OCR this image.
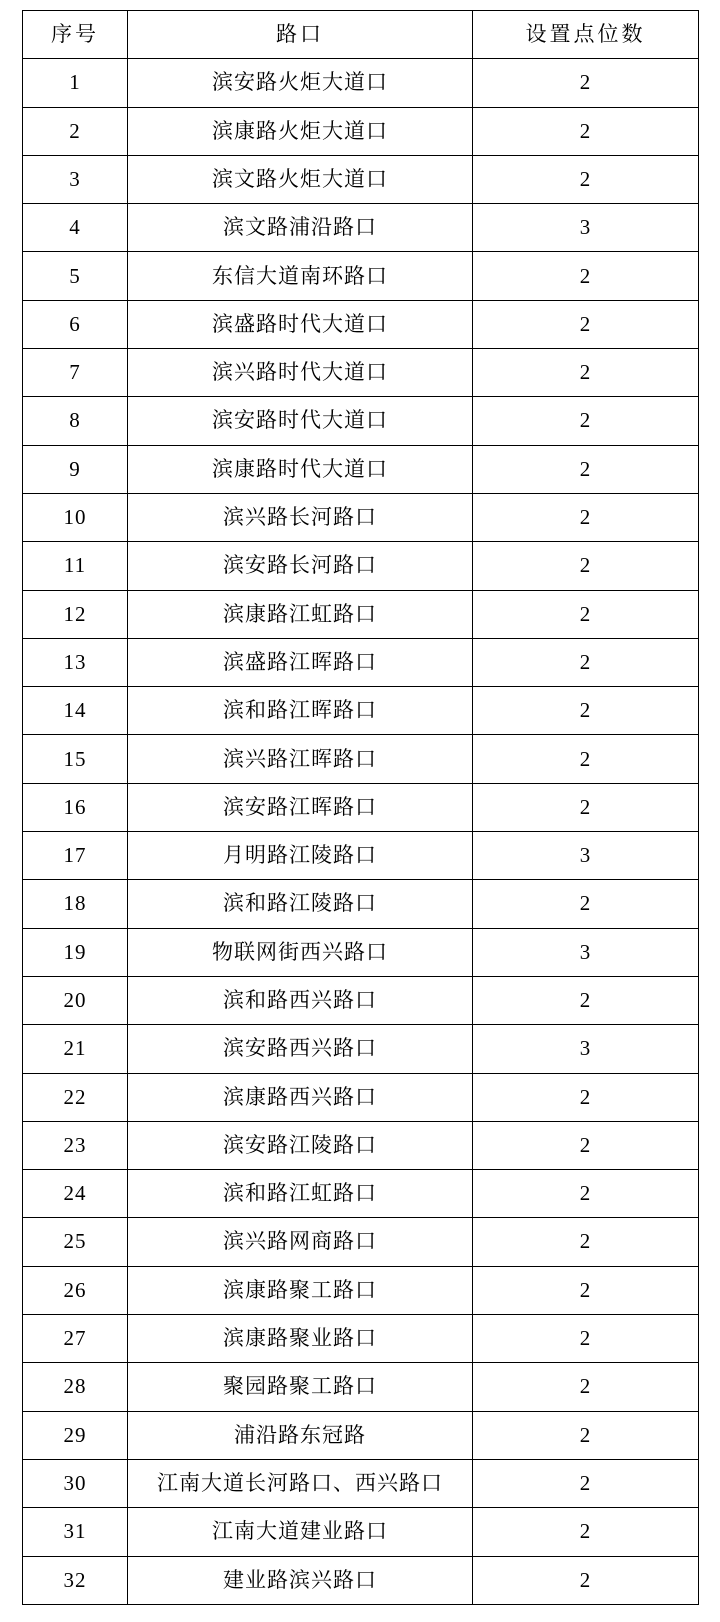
序号	路口	设置点位数
1	滨安路火炬大道口	2
2	滨康路火炬大道口	2
3	滨文路火炬大道口	2
4	滨文路浦沿路口	3
5	东信大道南环路口	2
6	滨盛路时代大道口	2
7	滨兴路时代大道口	2
8	滨安路时代大道口	2
9	滨康路时代大道口	2
10	滨兴路长河路口	2
11	滨安路长河路口	2
12	滨康路江虹路口	2
13	滨盛路江晖路口	2
14	滨和路江晖路口	2
15	滨兴路江晖路口	2
16	滨安路江晖路口	2
17	月明路江陵路口	3
18	滨和路江陵路口	2
19	物联网街西兴路口	3
20	滨和路西兴路口	2
21	滨安路西兴路口	3
22	滨康路西兴路口	2
23	滨安路江陵路口	2
24	滨和路江虹路口	2
25	滨兴路网商路口	2
26	滨康路聚工路口	2
27	滨康路聚业路口	2
28	聚园路聚工路口	2
29	浦沿路东冠路	2
30	江南大道长河路口、西兴路口	2
31	江南大道建业路口	2
32	建业路滨兴路口	2
